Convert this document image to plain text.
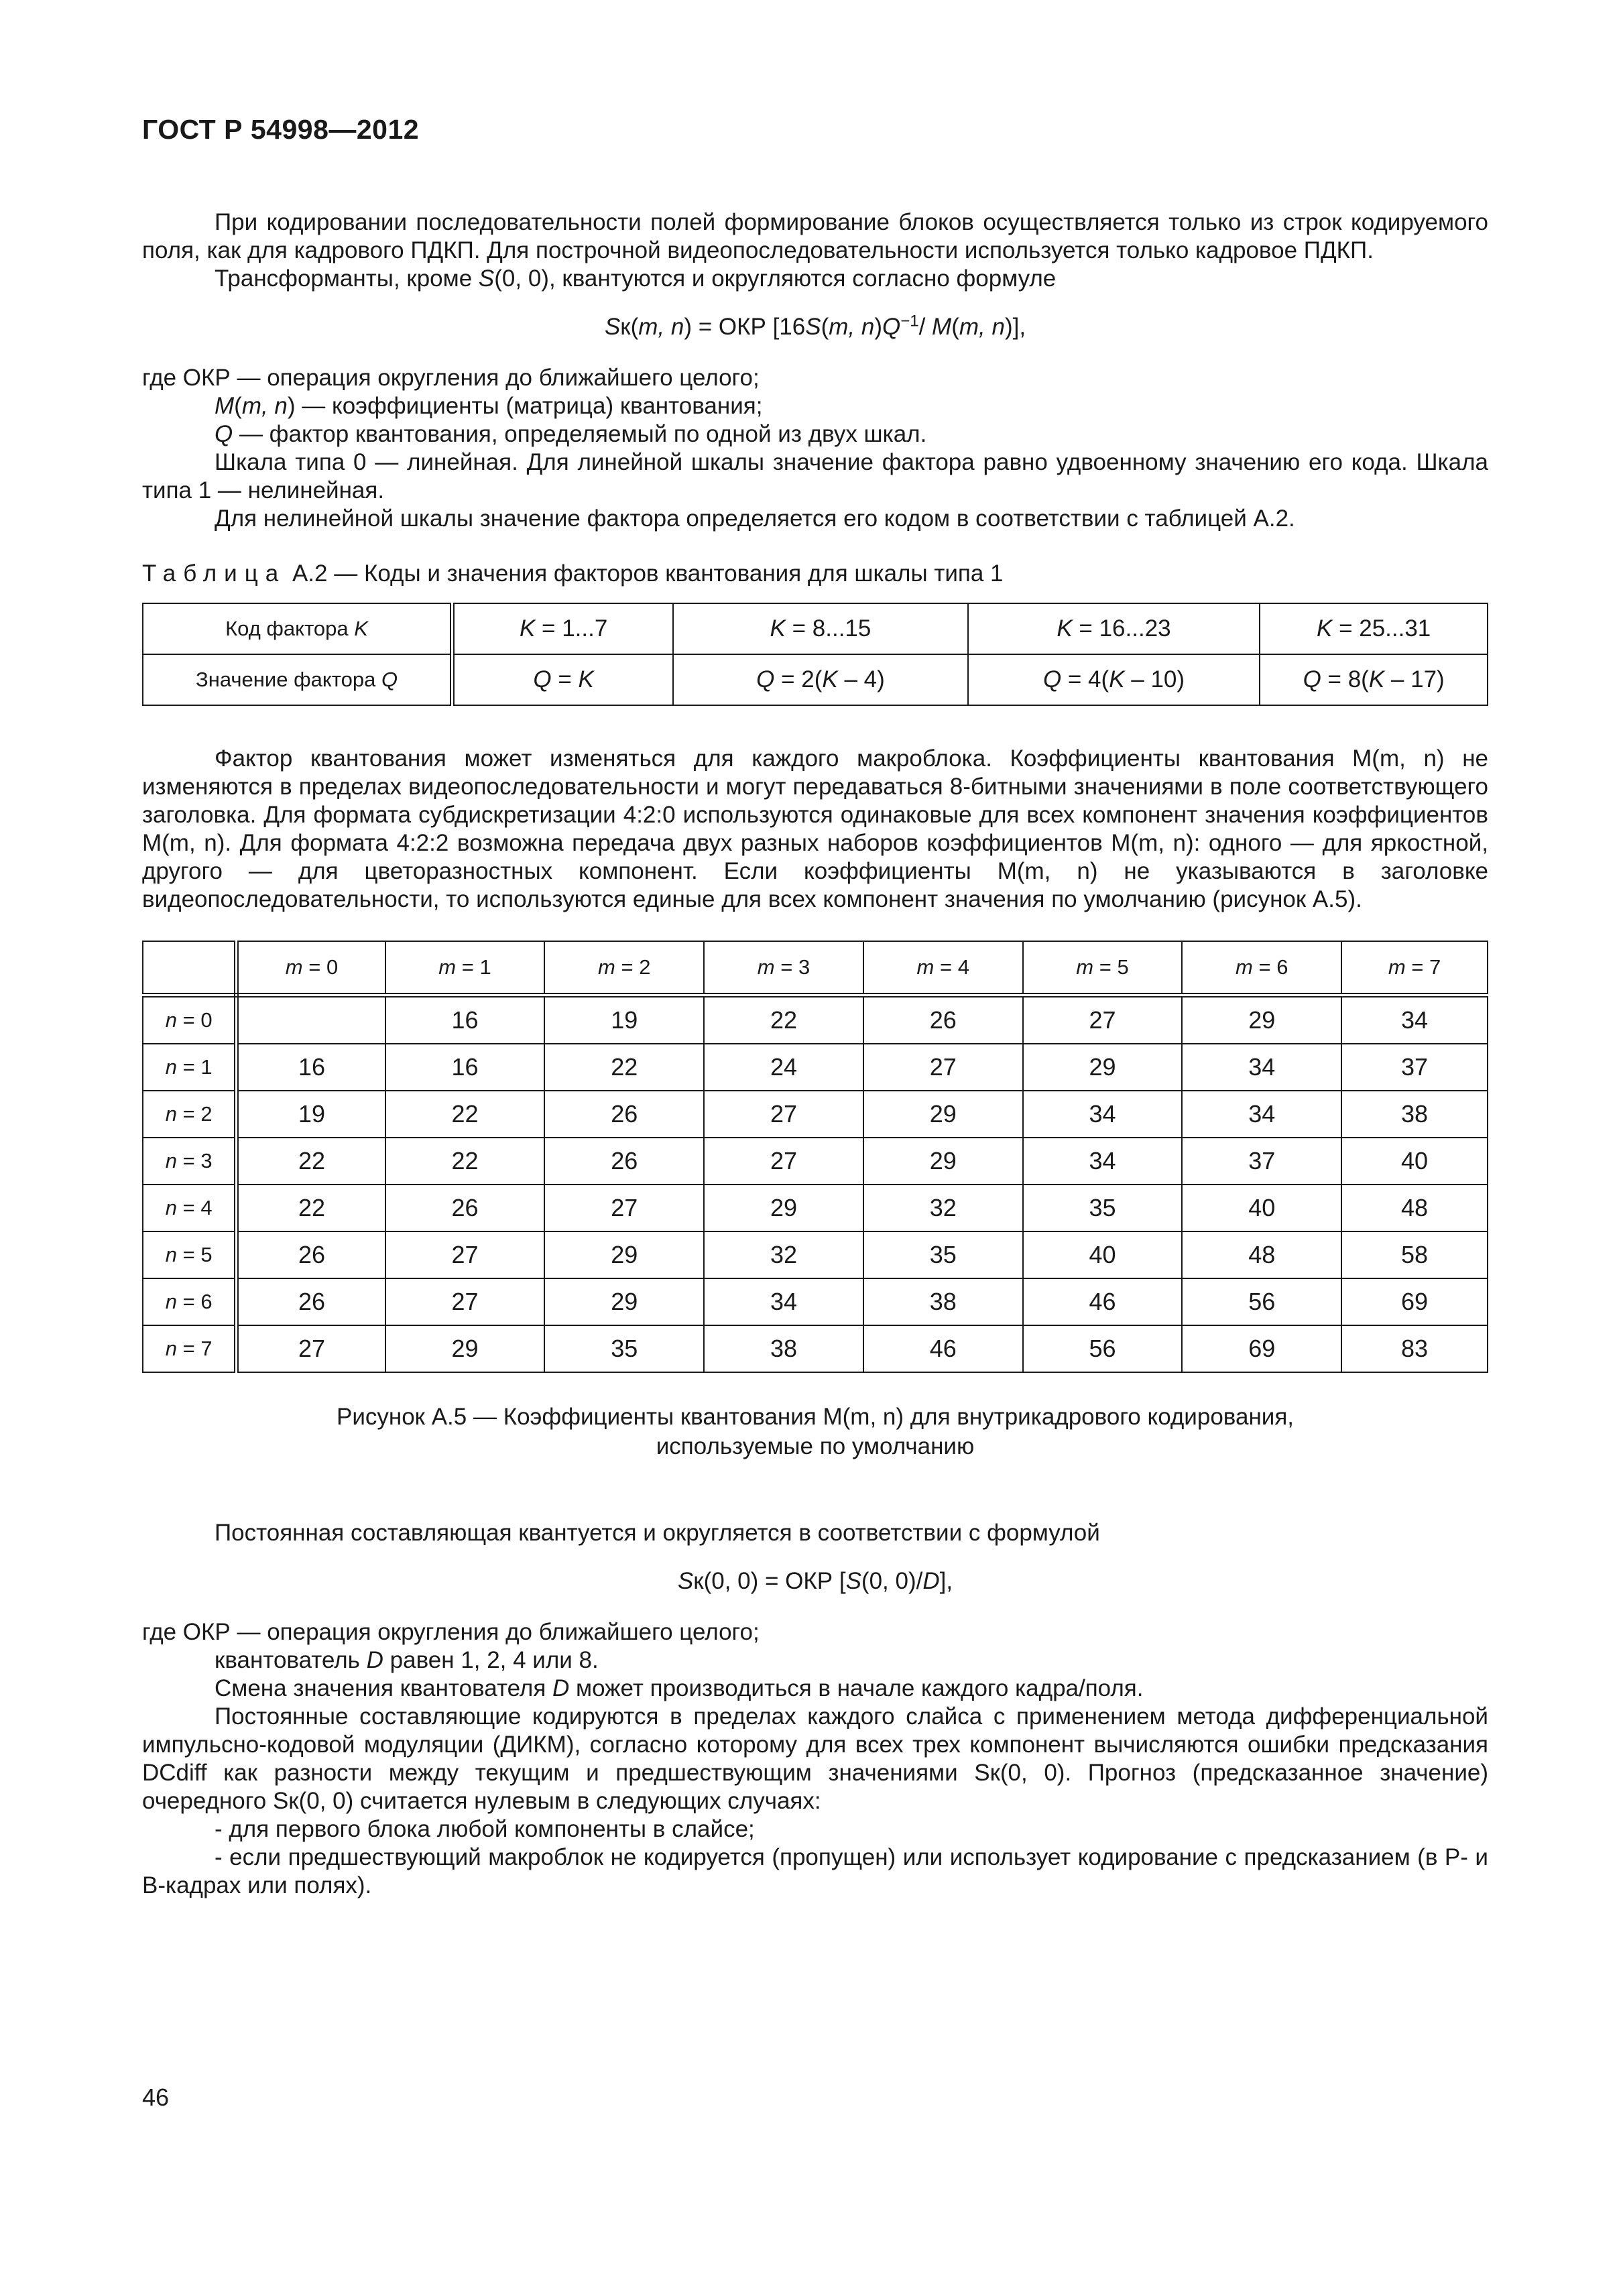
ГОСТ Р 54998—2012

При кодировании последовательности полей формирование блоков осуществляется только из строк кодируемого поля, как для кадрового ПДКП. Для построчной видеопоследовательности используется только кадровое ПДКП.

Трансформанты, кроме S(0, 0), квантуются и округляются согласно формуле

Sк(m, n) = ОКР [16S(m, $n)Q^{-1}/$ M(m, n)],

где ОКР — операция округления до ближайшего целого;

M(m, n) — коэффициенты (матрица) квантования;

Q — фактор квантования, определяемый по одной из двух шкал.

Шкала типа 0 — линейная. Для линейной шкалы значение фактора равно удвоенному значению его кода. Шкала типа 1 — нелинейная.

Для нелинейной шкалы значение фактора определяется его кодом в соответствии с таблицей А.2.

Таблица А.2 — Коды и значения факторов квантования для шкалы типа 1

Код фактора K	K = 1...7	K = 8...15	K = 16...23	K = 25...31
Значение фактора Q	Q = K	Q = 2(K – 4)	Q = 4(K – 10)	Q = 8(K – 17)

Фактор квантования может изменяться для каждого макроблока. Коэффициенты квантования M(m, n) не изменяются в пределах видеопоследовательности и могут передаваться 8-битными значениями в поле соответствующего заголовка. Для формата субдискретизации 4:2:0 используются одинаковые для всех компонент значения коэффициентов M(m, n). Для формата 4:2:2 возможна передача двух разных наборов коэффициентов M(m, n): одного — для яркостной, другого — для цветоразностных компонент. Если коэффициенты M(m, n) не указываются в заголовке видеопоследовательности, то используются единые для всех компонент значения по умолчанию (рисунок А.5).

	m = 0	m = 1	m = 2	m = 3	m = 4	m = 5	m = 6	m = 7
n = 0		16	19	22	26	27	29	34
n = 1	16	16	22	24	27	29	34	37
n = 2	19	22	26	27	29	34	34	38
n = 3	22	22	26	27	29	34	37	40
n = 4	22	26	27	29	32	35	40	48
n = 5	26	27	29	32	35	40	48	58
n = 6	26	27	29	34	38	46	56	69
n = 7	27	29	35	38	46	56	69	83

Рисунок А.5 — Коэффициенты квантования M(m, n) для внутрикадрового кодирования,

используемые по умолчанию

Постоянная составляющая квантуется и округляется в соответствии с формулой

Sк(0, 0) = ОКР [S(0, 0)/D],

где ОКР — операция округления до ближайшего целого;

квантователь D равен 1, 2, 4 или 8.

Смена значения квантователя D может производиться в начале каждого кадра/поля.

Постоянные составляющие кодируются в пределах каждого слайса с применением метода дифференциальной импульсно-кодовой модуляции (ДИКМ), согласно которому для всех трех компонент вычисляются ошибки предсказания DCdiff как разности между текущим и предшествующим значениями Sк(0, 0). Прогноз (предсказанное значение) очередного Sк(0, 0) считается нулевым в следующих случаях:

- для первого блока любой компоненты в слайсе;

- если предшествующий макроблок не кодируется (пропущен) или использует кодирование с предсказанием (в P- и B-кадрах или полях).

46
